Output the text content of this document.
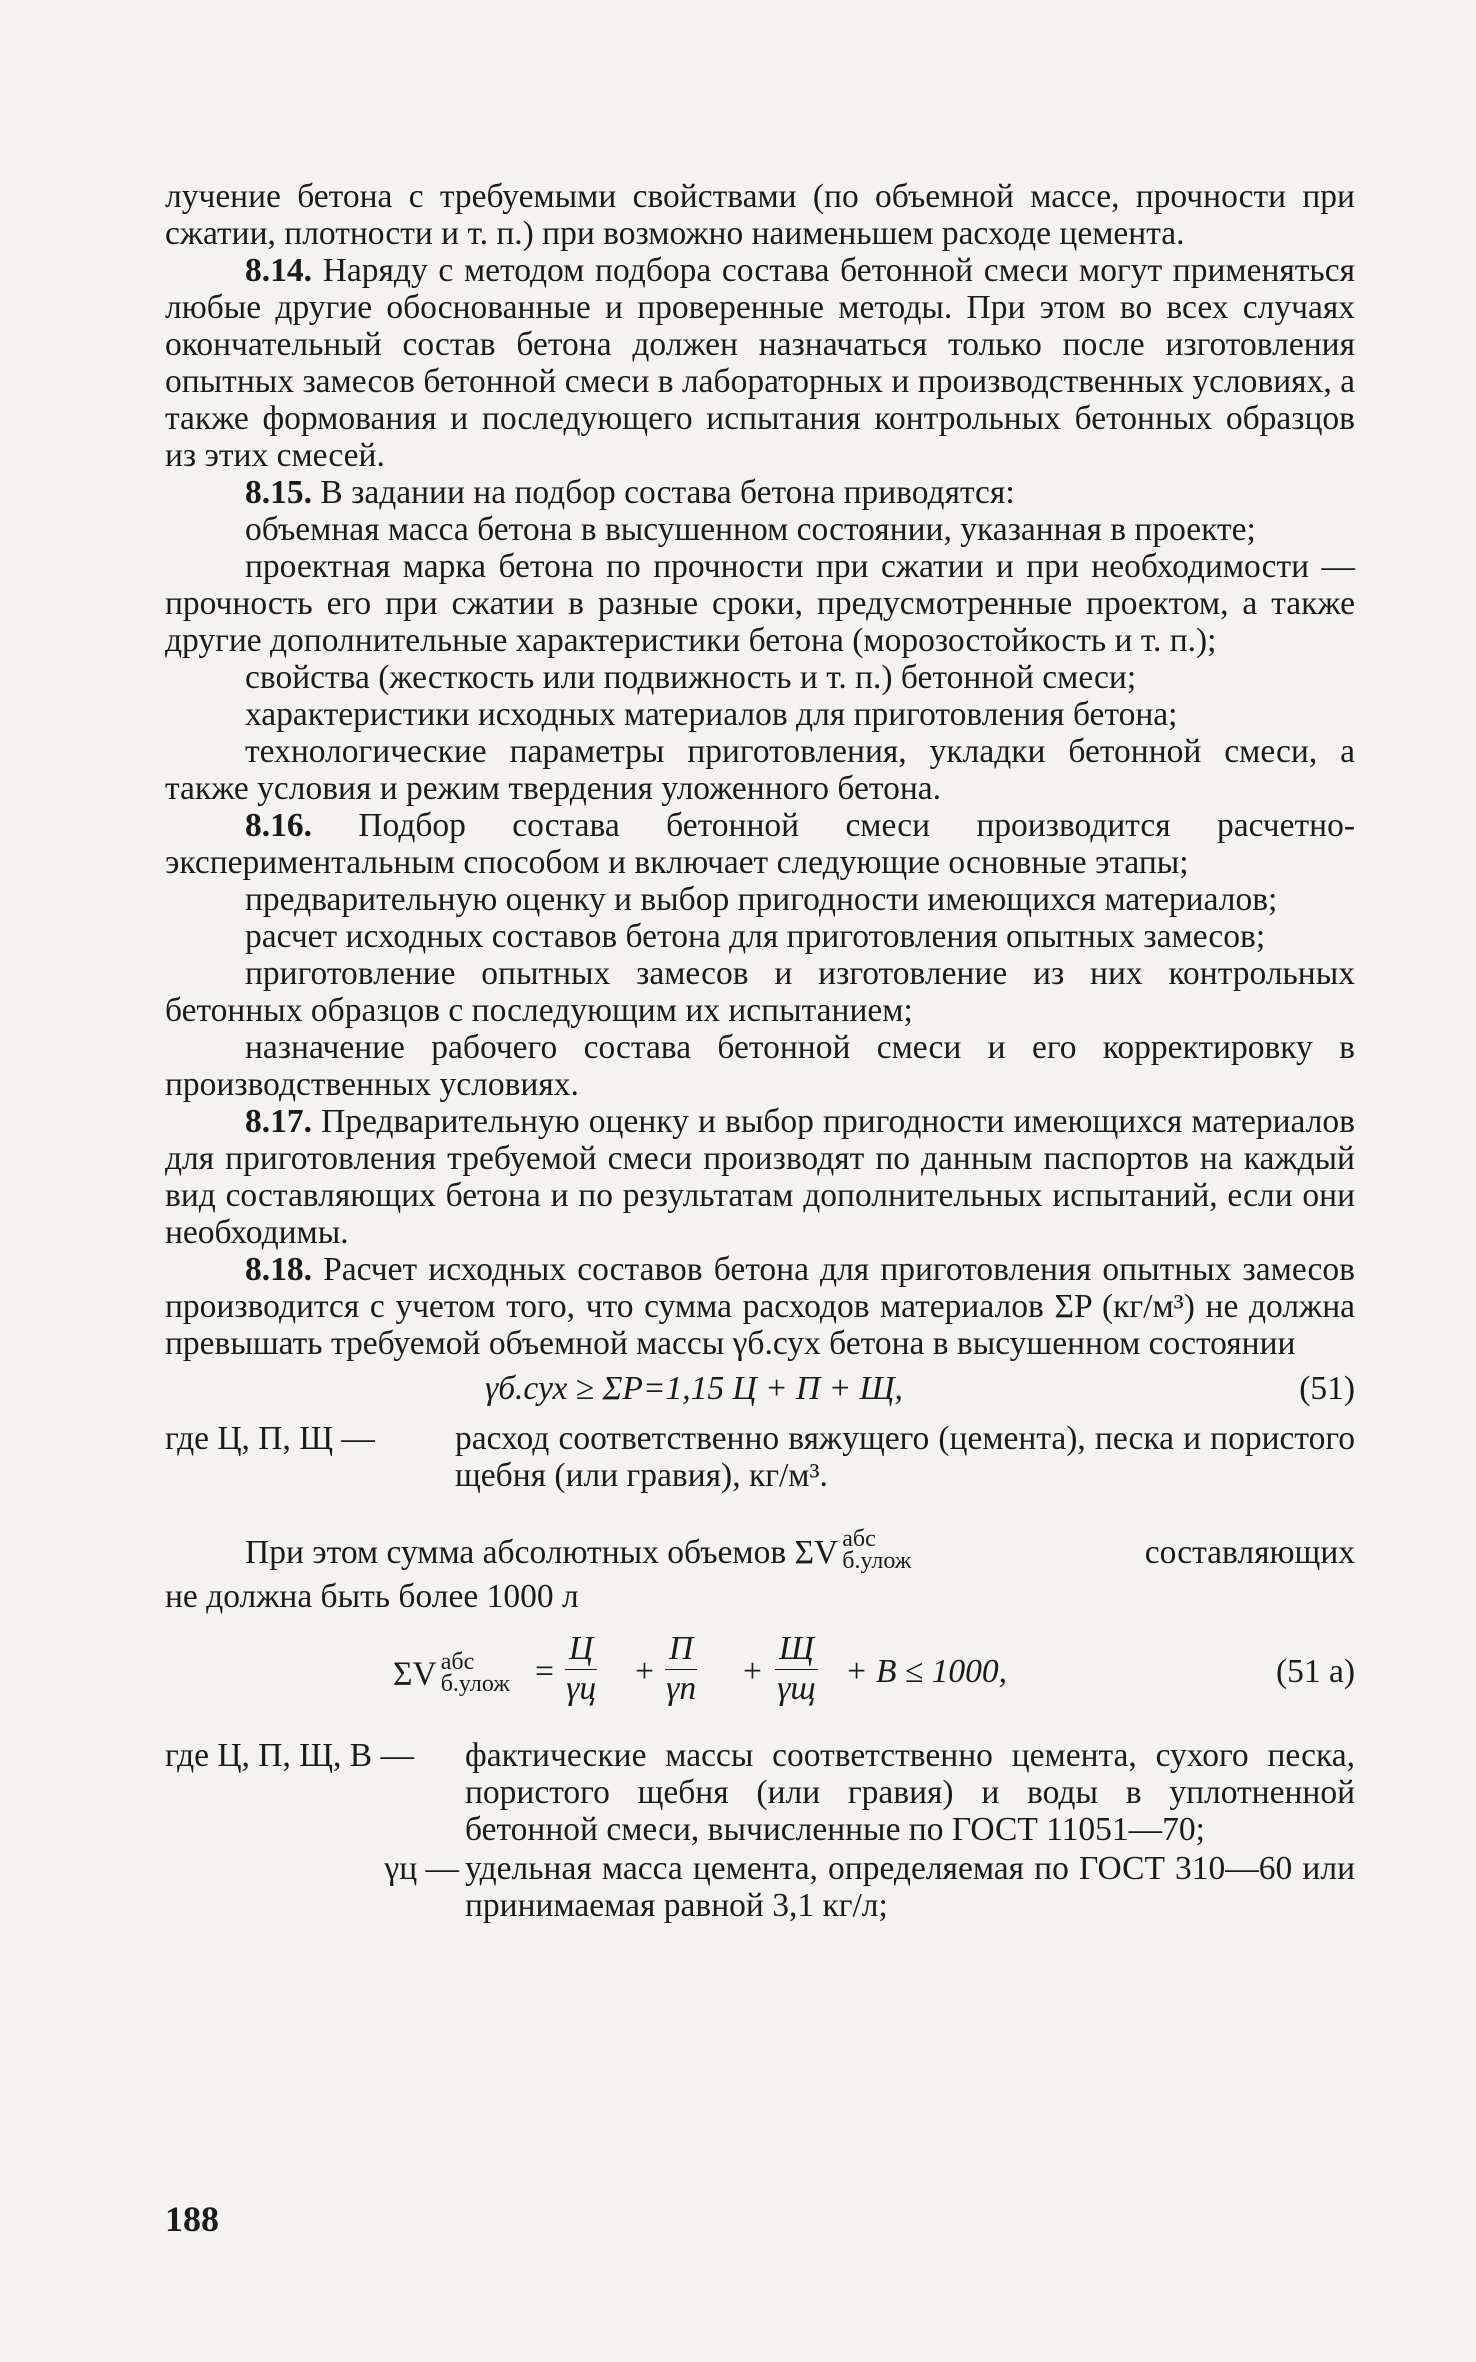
лучение бетона с требуемыми свойствами (по объемной массе, прочности при сжатии, плотности и т. п.) при возможно наименьшем расходе цемента.

8.14. Наряду с методом подбора состава бетонной смеси могут применяться любые другие обоснованные и проверенные методы. При этом во всех случаях окончательный состав бетона должен назначаться только после изготовления опытных замесов бетонной смеси в лабораторных и производственных условиях, а также формования и последующего испытания контрольных бетонных образцов из этих смесей.

8.15. В задании на подбор состава бетона приводятся:

объемная масса бетона в высушенном состоянии, указанная в проекте;

проектная марка бетона по прочности при сжатии и при необходимости — прочность его при сжатии в разные сроки, предусмотренные проектом, а также другие дополнительные характеристики бетона (морозостойкость и т. п.);

свойства (жесткость или подвижность и т. п.) бетонной смеси;

характеристики исходных материалов для приготовления бетона;

технологические параметры приготовления, укладки бетонной смеси, а также условия и режим твердения уложенного бетона.

8.16. Подбор состава бетонной смеси производится расчетно-экспериментальным способом и включает следующие основные этапы;

предварительную оценку и выбор пригодности имеющихся материалов;

расчет исходных составов бетона для приготовления опытных замесов;

приготовление опытных замесов и изготовление из них контрольных бетонных образцов с последующим их испытанием;

назначение рабочего состава бетонной смеси и его корректировку в производственных условиях.

8.17. Предварительную оценку и выбор пригодности имеющихся материалов для приготовления требуемой смеси производят по данным паспортов на каждый вид составляющих бетона и по результатам дополнительных испытаний, если они необходимы.

8.18. Расчет исходных составов бетона для приготовления опытных замесов производится с учетом того, что сумма расходов материалов ΣP (кг/м³) не должна превышать требуемой объемной массы γб.сух бетона в высушенном состоянии

γб.сух ≥ ΣP=1,15 Ц + П + Щ,	(51)
где Ц, П, Щ —	расход соответственно вяжущего (цемента), песка и пористого щебня (или гравия), кг/м³.
При этом сумма абсолютных объемов ΣV абс
б.улож	составляющих

не должна быть более 1000 л

ΣV абс
б.улож =
Ц
γц +
П
γп +
Щ
γщ + В ≤ 1000,	(51 а)
где Ц, П, Щ, В —	фактические массы соответственно цемента, сухого песка, пористого щебня (или гравия) и воды в уплотненной бетонной смеси, вычисленные по ГОСТ 11051—70;
γц — удельная масса цемента, определяемая по ГОСТ 310—60 или принимаемая равной 3,1 кг/л;
188
